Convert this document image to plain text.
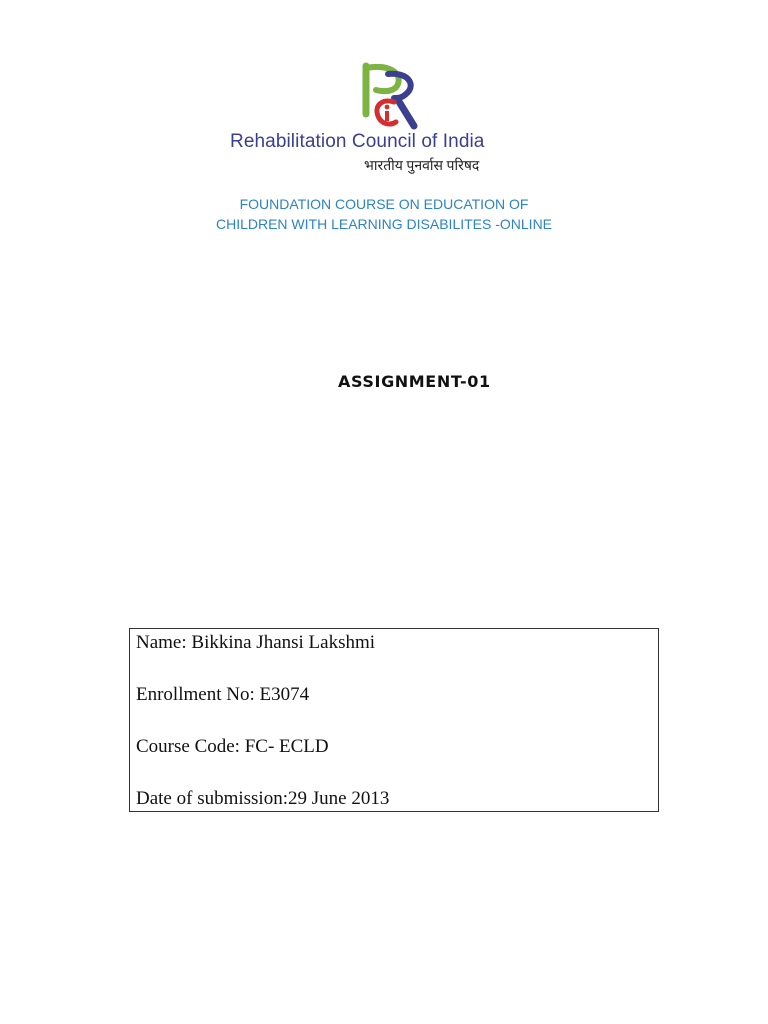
Rehabilitation Council of India
भारतीय पुनर्वास परिषद
FOUNDATION COURSE ON EDUCATION OF
CHILDREN WITH LEARNING DISABILITES -ONLINE
ASSIGNMENT-01
Name: Bikkina Jhansi Lakshmi
Enrollment No: E3074
Course Code: FC- ECLD
Date of submission:29 June 2013
